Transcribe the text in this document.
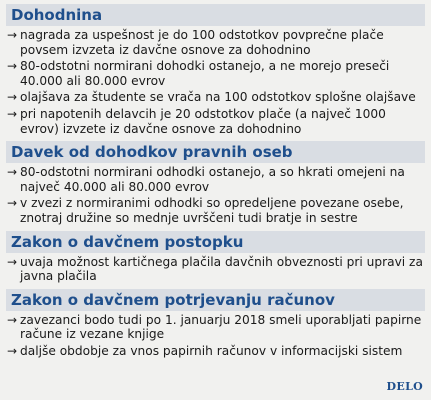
Dohodnina
→ nagrada za uspešnost je do 100 odstotkov povprečne plače povsem izvzeta iz davčne osnove za dohodnino
→ 80-odstotni normirani dohodki ostanejo, a ne morejo preseči 40.000 ali 80.000 evrov
→ olajšava za študente se vrača na 100 odstotkov splošne olajšave
→ pri napotenih delavcih je 20 odstotkov plače (a največ 1000 evrov) izvzete iz davčne osnove za dohodnino
Davek od dohodkov pravnih oseb
→ 80-odstotni normirani odhodki ostanejo, a so hkrati omejeni na največ 40.000 ali 80.000 evrov
→ v zvezi z normiranimi odhodki so opredeljene povezane osebe, znotraj družine so mednje uvrščeni tudi bratje in sestre
Zakon o davčnem postopku
→ uvaja možnost kartičnega plačila davčnih obveznosti pri upravi za javna plačila
Zakon o davčnem potrjevanju računov
→ zavezanci bodo tudi po 1. januarju 2018 smeli uporabljati papirne račune iz vezane knjige
→ daljše obdobje za vnos papirnih računov v informacijski sistem
DELO
